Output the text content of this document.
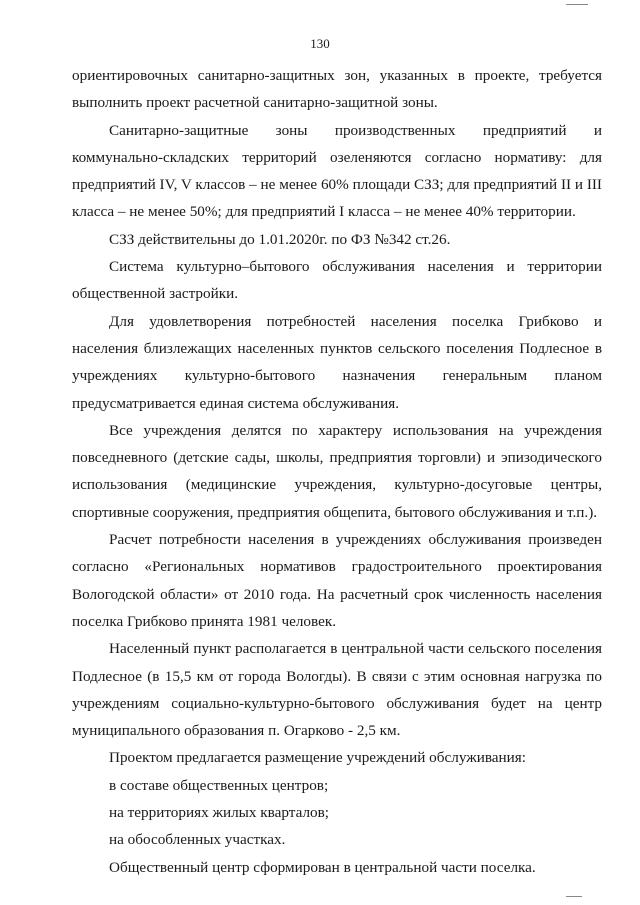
130

ориентировочных санитарно-защитных зон, указанных в проекте, требуется выполнить проект расчетной санитарно-защитной зоны.

Санитарно-защитные зоны производственных предприятий и коммунально-складских территорий озеленяются согласно нормативу: для предприятий IV, V классов – не менее 60% площади СЗЗ; для предприятий II и III класса – не менее 50%; для предприятий I класса – не менее 40% территории.

СЗЗ действительны до 1.01.2020г. по ФЗ №342 ст.26.

Система культурно–бытового обслуживания населения и территории общественной застройки.

Для удовлетворения потребностей населения поселка Грибково и населения близлежащих населенных пунктов сельского поселения Подлесное в учреждениях культурно-бытового назначения генеральным планом предусматривается единая система обслуживания.

Все учреждения делятся по характеру использования на учреждения повседневного (детские сады, школы, предприятия торговли) и эпизодического использования (медицинские учреждения, культурно-досуговые центры, спортивные сооружения, предприятия общепита, бытового обслуживания и т.п.).

Расчет потребности населения в учреждениях обслуживания произведен согласно «Региональных нормативов градостроительного проектирования Вологодской области» от 2010 года. На расчетный срок численность населения поселка Грибково принята 1981 человек.

Населенный пункт располагается в центральной части сельского поселения Подлесное (в 15,5 км от города Вологды). В связи с этим основная нагрузка по учреждениям социально-культурно-бытового обслуживания будет на центр муниципального образования п. Огарково - 2,5 км.

Проектом предлагается размещение учреждений обслуживания:

в составе общественных центров;

на территориях жилых кварталов;

на обособленных участках.

Общественный центр сформирован в центральной части поселка.
